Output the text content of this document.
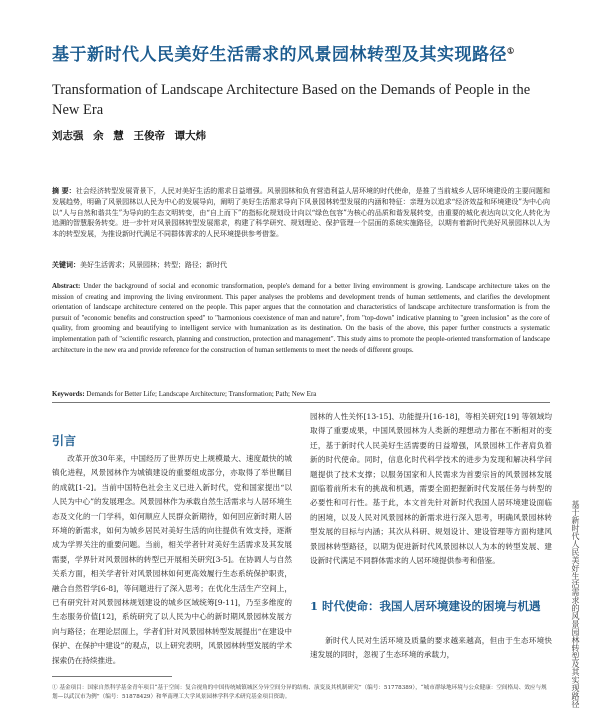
基于新时代人民美好生活需求的风景园林转型及其实现路径①
Transformation of Landscape Architecture Based on the Demands of People in the New Era
刘志强 余 慧 王俊帝 谭大炜
摘 要：社会经济转型发展背景下，人民对美好生活的需求日益增强。风景园林和负有营造利益人居环境的时代使命，是推了当前城乡人居环境建设的主要问题和发展趋势，明确了风景园林以人民为中心的发展导向，阐明了美好生活需求导向下风景园林转型发展的内涵和特征：亲理为以追求“经济效益和环境建设”为中心向以“人与自然和谐共生”为导向的生态文明转变，由“自上而下”的指标化规划设计向以“绿色包容”为核心的品质和谐发展转变，由重要的城化表达向以文化人转化为追溯的智慧服务转变。进一步针对风景园林转型发展需求，构建了科学研究、规划理论、保护管理一个层面的系统实施路径，以期有着新时代美好风景园林以人为本的转型发展，为推设新时代满足不同群体需求的人民环境提供参考借鉴。
关键词：美好生活需求；风景园林；转型；路径；新时代
Abstract: Under the background of social and economic transformation, people's demand for a better living environment is growing. Landscape architecture takes on the mission of creating and improving the living environment. This paper analyses the problems and development trends of human settlements, and clarifies the development orientation of landscape architecture centered on the people. This paper argues that the connotation and characteristics of landscape architecture transformation is from the pursuit of "economic benefits and construction speed" to "harmonious coexistence of man and nature", from "top-down" indicative planning to "green inclusion" as the core of quality, from grooming and beautifying to intelligent service with humanization as its destination. On the basis of the above, this paper further constructs a systematic implementation path of "scientific research, planning and construction, protection and management". This study aims to promote the people-oriented transformation of landscape architecture in the new era and provide reference for the construction of human settlements to meet the needs of different groups.
Keywords: Demands for Better Life; Landscape Architecture; Transformation; Path; New Era
引言
改革开放30年来，中国经历了世界历史上规模最大、速度最快的城镇化进程，风景园林作为城镇建设的重要组成部分，亦取得了举世瞩目的成就[1-2]。当前中国特色社会主义已进入新时代，党和国家提出“以人民为中心”的发展理念。风景园林作为承载自然生活需求与人居环境生态及文化的一门学科，如何顺应人民群众新期待，如何回应新时期人居环境的新需求，如何为城乡居民对美好生活的向往提供有效支持，逐渐成为学界关注的重要问题。当前，相关学者针对美好生活需求及其发展需要，学界针对风景园林的转型已开展相关研究[3-5]。在协调人与自然关系方面，相关学者针对风景园林如何更高效履行生态系统保护职责，融合自然哲学[6-8]，等问题进行了深入思考；在优化生活生产空间上，已有研究针对风景园林规划建设的城乡区域统筹[9-11]，乃至多维度的生态服务价值[12]，系统研究了以人民为中心的新时期风景园林发展方向与路径；在理论层面上，学者们针对风景园林转型发展提出“在建设中保护、在保护中建设”的观点，以上研究表明，风景园林转型发展的学术探索仍在持续推进。
园林的人性关怀[13-15]、功能提升[16-18]，等相关研究[19] 等领域均取得了重要成果，中国风景园林为人类新的理想动力都在不断相对的变迁，基于新时代人民美好生活需要的日益增强，风景园林工作者肩负着新的时代使命。同时，信息化时代科学技术的进步为发现和解决科学问题提供了技术支撑；以服务国家和人民需求为首要宗旨的风景园林发展面临着前所未有的挑战和机遇，需要全面把握新时代发展任务与转型的必要性和可行性。基于此，本文首先针对新时代我国人居环境建设面临的困境，以及人民对风景园林的新需求进行深入思考，明确风景园林转型发展的目标与内涵；其次从科研、规划设计、建设管理等方面构建风景园林转型路径，以期为促进新时代风景园林以人为本的转型发展、建设新时代满足不同群体需求的人居环境提供参考和借鉴。
1 时代使命：我国人居环境建设的困境与机遇
新时代人民对生活环境及质量的要求越来越高，但由于生态环境快速发展的同时，忽视了生态环境的承载力，	基于新时代人民美好生活需求的风景园林转型及其实现路径
① 基金项目：国家自然科学基金青年项目“基于空间：复合视角的中国传统城镇城区分异空间分异的结构、演变及其机制研究”（编号：51778389），“城市群绿地环境与公众健康：空间格局、效应与规划—以武汉市为例”（编号：51878429）和华南理工大学风景园林学科学术研究基金项目资助。
